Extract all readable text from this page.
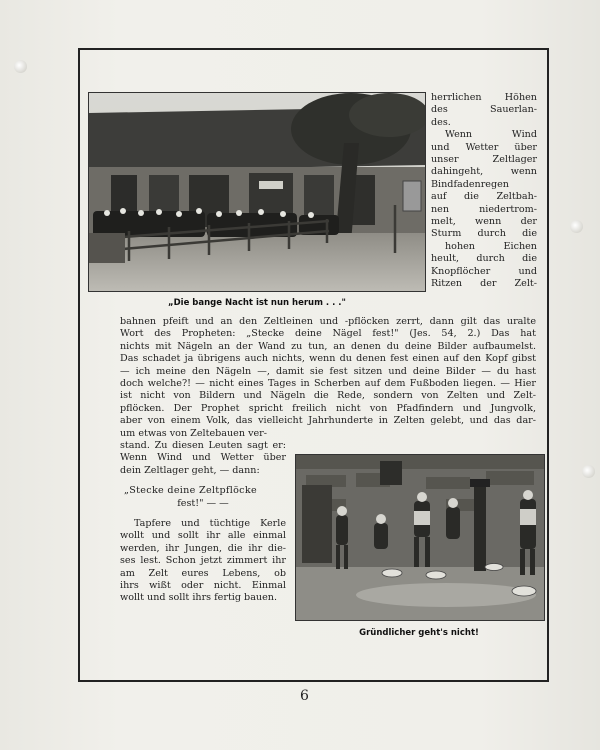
„Die bange Nacht ist nun herum . . ."
herrlichen Höhen
des Sauerlan-
des.
Wenn Wind
und Wetter über
unser Zeltlager
dahingeht, wenn
Bindfadenregen
auf die Zeltbah-
nen niedertrom-
melt, wenn der
Sturm durch die
hohen Eichen
heult, durch die
Knopflöcher und
Ritzen der Zelt-
bahnen pfeift und an den Zeltleinen und -pflöcken zerrt, dann gilt das uralte
Wort des Propheten: „Stecke deine Nägel fest!" (Jes. 54, 2.) Das hat
nichts mit Nägeln an der Wand zu tun, an denen du deine Bilder aufbaumelst.
Das schadet ja übrigens auch nichts, wenn du denen fest einen auf den Kopf gibst
— ich meine den Nägeln —, damit sie fest sitzen und deine Bilder — du hast
doch welche?! — nicht eines Tages in Scherben auf dem Fußboden liegen. — Hier
ist nicht von Bildern und Nägeln die Rede, sondern von Zelten und Zelt-
pflöcken. Der Prophet spricht freilich nicht von Pfadfindern und Jungvolk,
aber von einem Volk, das vielleicht Jahrhunderte in Zelten gelebt, und das dar-
um etwas von Zeltebauen ver-
stand. Zu diesen Leuten sagt er:
Wenn Wind und Wetter über
dein Zeltlager geht, — dann:
„Stecke deine Zeltpflöcke
fest!" — —
Tapfere und tüchtige Kerle
wollt und sollt ihr alle einmal
werden, ihr Jungen, die ihr die-
ses lest. Schon jetzt zimmert ihr
am Zelt eures Lebens, ob
ihrs wißt oder nicht. Einmal
wollt und sollt ihrs fertig bauen.
Gründlicher geht's nicht!
6
